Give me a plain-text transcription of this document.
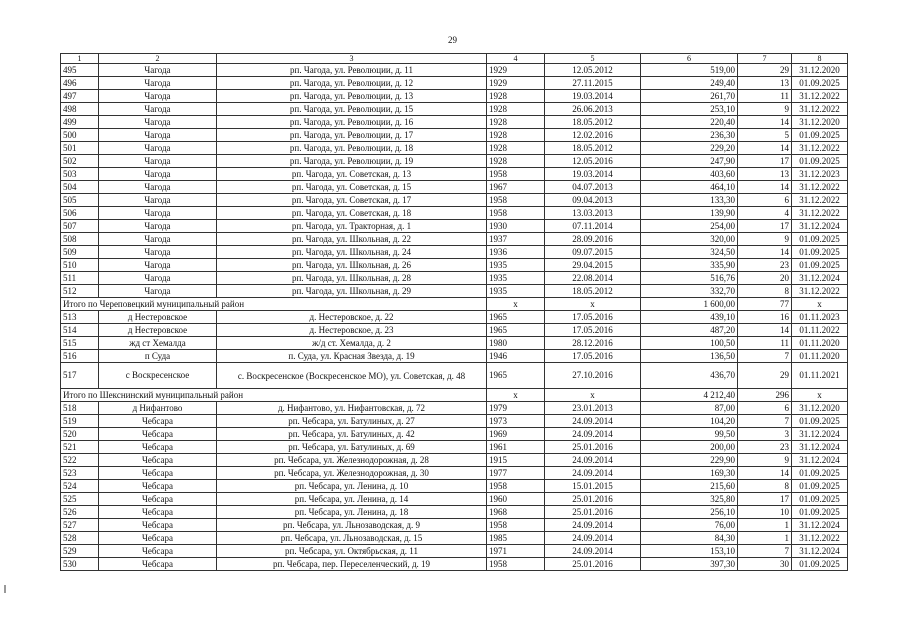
29
1	2	3	4	5	6	7	8
495	Чагода	рп. Чагода, ул. Революции, д. 11	1929	12.05.2012	519,00	29	31.12.2020
496	Чагода	рп. Чагода, ул. Революции, д. 12	1929	27.11.2015	249,40	13	01.09.2025
497	Чагода	рп. Чагода, ул. Революции, д. 13	1928	19.03.2014	261,70	11	31.12.2022
498	Чагода	рп. Чагода, ул. Революции, д. 15	1928	26.06.2013	253,10	9	31.12.2022
499	Чагода	рп. Чагода, ул. Революции, д. 16	1928	18.05.2012	220,40	14	31.12.2020
500	Чагода	рп. Чагода, ул. Революции, д. 17	1928	12.02.2016	236,30	5	01.09.2025
501	Чагода	рп. Чагода, ул. Революции, д. 18	1928	18.05.2012	229,20	14	31.12.2022
502	Чагода	рп. Чагода, ул. Революции, д. 19	1928	12.05.2016	247,90	17	01.09.2025
503	Чагода	рп. Чагода, ул. Советская, д. 13	1958	19.03.2014	403,60	13	31.12.2023
504	Чагода	рп. Чагода, ул. Советская, д. 15	1967	04.07.2013	464,10	14	31.12.2022
505	Чагода	рп. Чагода, ул. Советская, д. 17	1958	09.04.2013	133,30	6	31.12.2022
506	Чагода	рп. Чагода, ул. Советская, д. 18	1958	13.03.2013	139,90	4	31.12.2022
507	Чагода	рп. Чагода, ул. Тракторная, д. 1	1930	07.11.2014	254,00	17	31.12.2024
508	Чагода	рп. Чагода, ул. Школьная, д. 22	1937	28.09.2016	320,00	9	01.09.2025
509	Чагода	рп. Чагода, ул. Школьная, д. 24	1936	09.07.2015	324,50	14	01.09.2025
510	Чагода	рп. Чагода, ул. Школьная, д. 26	1935	29.04.2015	335,90	23	01.09.2025
511	Чагода	рп. Чагода, ул. Школьная, д. 28	1935	22.08.2014	516,76	20	31.12.2024
512	Чагода	рп. Чагода, ул. Школьная, д. 29	1935	18.05.2012	332,70	8	31.12.2022
Итого по Череповецкий муниципальный район			х	х	1 600,00	77	х
513	д Нестеровское	д. Нестеровское, д. 22	1965	17.05.2016	439,10	16	01.11.2023
514	д Нестеровское	д. Нестеровское, д. 23	1965	17.05.2016	487,20	14	01.11.2022
515	жд ст Хемалда	ж/д ст. Хемалда, д. 2	1980	28.12.2016	100,50	11	01.11.2020
516	п Суда	п. Суда, ул. Красная Звезда, д. 19	1946	17.05.2016	136,50	7	01.11.2020
517	с Воскресенское	с. Воскресенское (Воскресенское МО), ул. Советская, д. 48	1965	27.10.2016	436,70	29	01.11.2021
Итого по Шекснинский муниципальный район			х	х	4 212,40	296	х
518	д Нифантово	д. Нифантово, ул. Нифантовская, д. 72	1979	23.01.2013	87,00	6	31.12.2020
519	Чебсара	рп. Чебсара, ул. Батулиных, д. 27	1973	24.09.2014	104,20	7	01.09.2025
520	Чебсара	рп. Чебсара, ул. Батулиных, д. 42	1969	24.09.2014	99,50	3	31.12.2024
521	Чебсара	рп. Чебсара, ул. Батулиных, д. 69	1961	25.01.2016	200,00	23	31.12.2024
522	Чебсара	рп. Чебсара, ул. Железнодорожная, д. 28	1915	24.09.2014	229,90	9	31.12.2024
523	Чебсара	рп. Чебсара, ул. Железнодорожная, д. 30	1977	24.09.2014	169,30	14	01.09.2025
524	Чебсара	рп. Чебсара, ул. Ленина, д. 10	1958	15.01.2015	215,60	8	01.09.2025
525	Чебсара	рп. Чебсара, ул. Ленина, д. 14	1960	25.01.2016	325,80	17	01.09.2025
526	Чебсара	рп. Чебсара, ул. Ленина, д. 18	1968	25.01.2016	256,10	10	01.09.2025
527	Чебсара	рп. Чебсара, ул. Льнозаводская, д. 9	1958	24.09.2014	76,00	1	31.12.2024
528	Чебсара	рп. Чебсара, ул. Льнозаводская, д. 15	1985	24.09.2014	84,30	1	31.12.2022
529	Чебсара	рп. Чебсара, ул. Октябрьская, д. 11	1971	24.09.2014	153,10	7	31.12.2024
530	Чебсара	рп. Чебсара, пер. Переселенческий, д. 19	1958	25.01.2016	397,30	30	01.09.2025
